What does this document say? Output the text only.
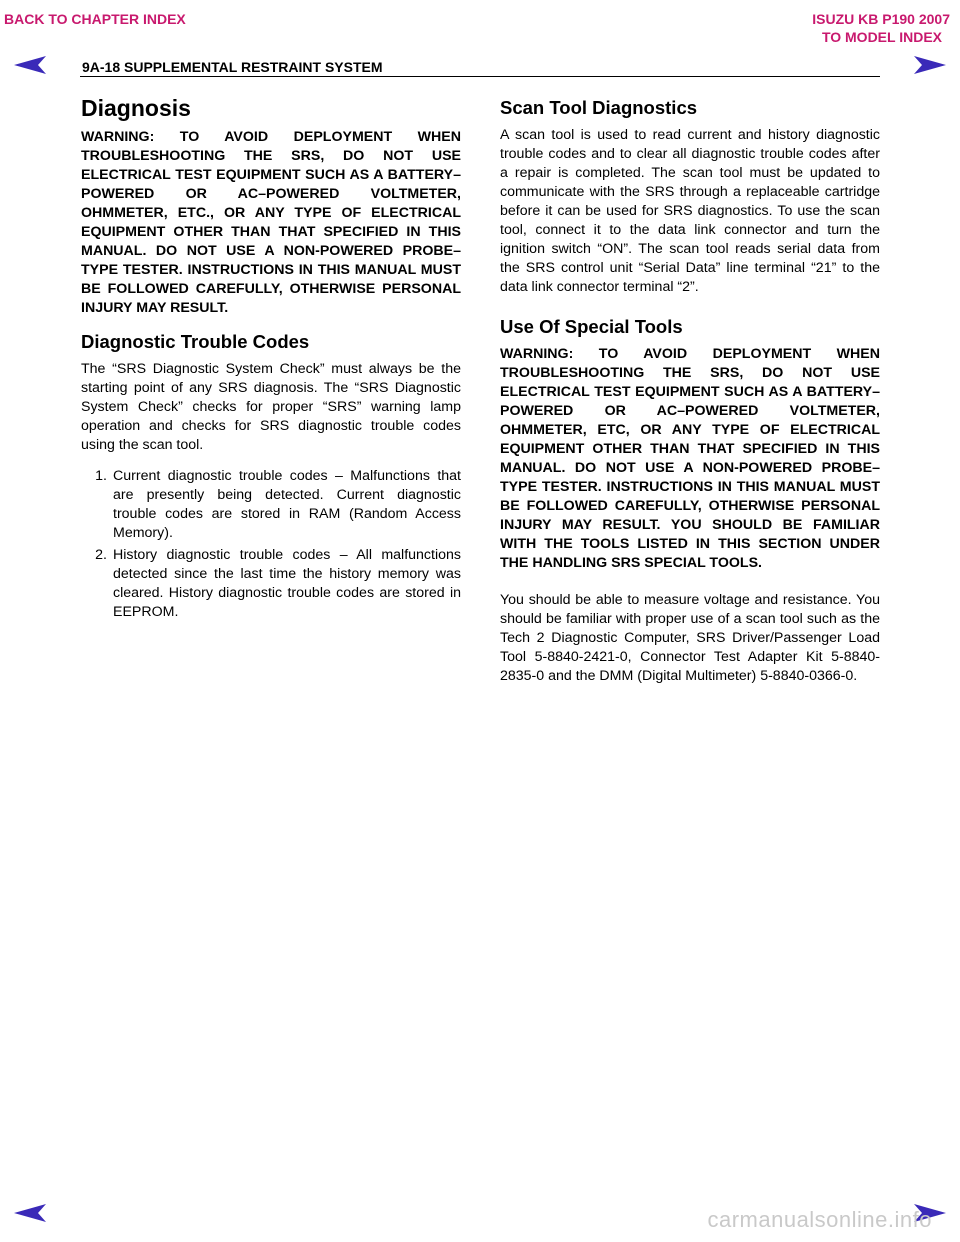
BACK TO CHAPTER INDEX	ISUZU KB P190 2007
TO MODEL INDEX
9A-18 SUPPLEMENTAL RESTRAINT SYSTEM
Diagnosis

WARNING: TO AVOID DEPLOYMENT WHEN TROUBLESHOOTING THE SRS, DO NOT USE ELECTRICAL TEST EQUIPMENT SUCH AS A BATTERY–POWERED OR AC–POWERED VOLTMETER, OHMMETER, ETC., OR ANY TYPE OF ELECTRICAL EQUIPMENT OTHER THAN THAT SPECIFIED IN THIS MANUAL. DO NOT USE A NON-POWERED PROBE–TYPE TESTER. INSTRUCTIONS IN THIS MANUAL MUST BE FOLLOWED CAREFULLY, OTHERWISE PERSONAL INJURY MAY RESULT.

Diagnostic Trouble Codes

The “SRS Diagnostic System Check” must always be the starting point of any SRS diagnosis. The “SRS Diagnostic System Check” checks for proper “SRS” warning lamp operation and checks for SRS diagnostic trouble codes using the scan tool.

1. Current diagnostic trouble codes – Malfunctions that are presently being detected. Current diagnostic trouble codes are stored in RAM (Random Access Memory).
2. History diagnostic trouble codes – All malfunctions detected since the last time the history memory was cleared. History diagnostic trouble codes are stored in EEPROM.
Scan Tool Diagnostics

A scan tool is used to read current and history diagnostic trouble codes and to clear all diagnostic trouble codes after a repair is completed. The scan tool must be updated to communicate with the SRS through a replaceable cartridge before it can be used for SRS diagnostics. To use the scan tool, connect it to the data link connector and turn the ignition switch “ON”. The scan tool reads serial data from the SRS control unit “Serial Data” line terminal “21” to the data link connector terminal “2”.

Use Of Special Tools

WARNING: TO AVOID DEPLOYMENT WHEN TROUBLESHOOTING THE SRS, DO NOT USE ELECTRICAL TEST EQUIPMENT SUCH AS A BATTERY–POWERED OR AC–POWERED VOLTMETER, OHMMETER, ETC, OR ANY TYPE OF ELECTRICAL EQUIPMENT OTHER THAN THAT SPECIFIED IN THIS MANUAL. DO NOT USE A NON-POWERED PROBE–TYPE TESTER. INSTRUCTIONS IN THIS MANUAL MUST BE FOLLOWED CAREFULLY, OTHERWISE PERSONAL INJURY MAY RESULT. YOU SHOULD BE FAMILIAR WITH THE TOOLS LISTED IN THIS SECTION UNDER THE HANDLING SRS SPECIAL TOOLS.

You should be able to measure voltage and resistance. You should be familiar with proper use of a scan tool such as the Tech 2 Diagnostic Computer, SRS Driver/Passenger Load Tool 5-8840-2421-0, Connector Test Adapter Kit 5-8840-2835-0 and the DMM (Digital Multimeter) 5-8840-0366-0.

carmanualsonline.info
